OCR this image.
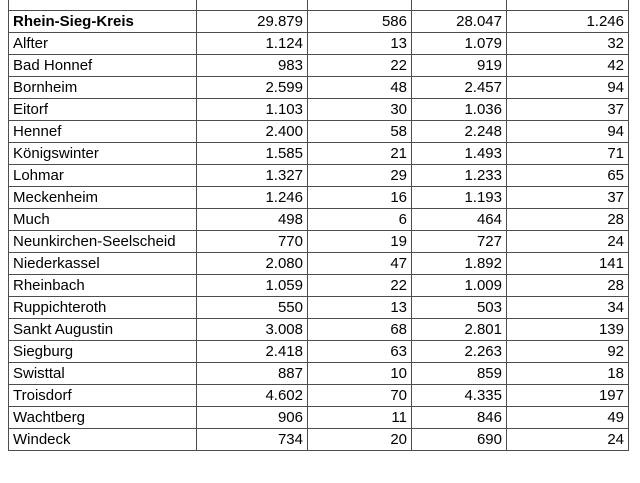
Rhein-Sieg-Kreis	29.879	586	28.047	1.246
Alfter	1.124	13	1.079	32
Bad Honnef	983	22	919	42
Bornheim	2.599	48	2.457	94
Eitorf	1.103	30	1.036	37
Hennef	2.400	58	2.248	94
Königswinter	1.585	21	1.493	71
Lohmar	1.327	29	1.233	65
Meckenheim	1.246	16	1.193	37
Much	498	6	464	28
Neunkirchen-Seelscheid	770	19	727	24
Niederkassel	2.080	47	1.892	141
Rheinbach	1.059	22	1.009	28
Ruppichteroth	550	13	503	34
Sankt Augustin	3.008	68	2.801	139
Siegburg	2.418	63	2.263	92
Swisttal	887	10	859	18
Troisdorf	4.602	70	4.335	197
Wachtberg	906	11	846	49
Windeck	734	20	690	24
